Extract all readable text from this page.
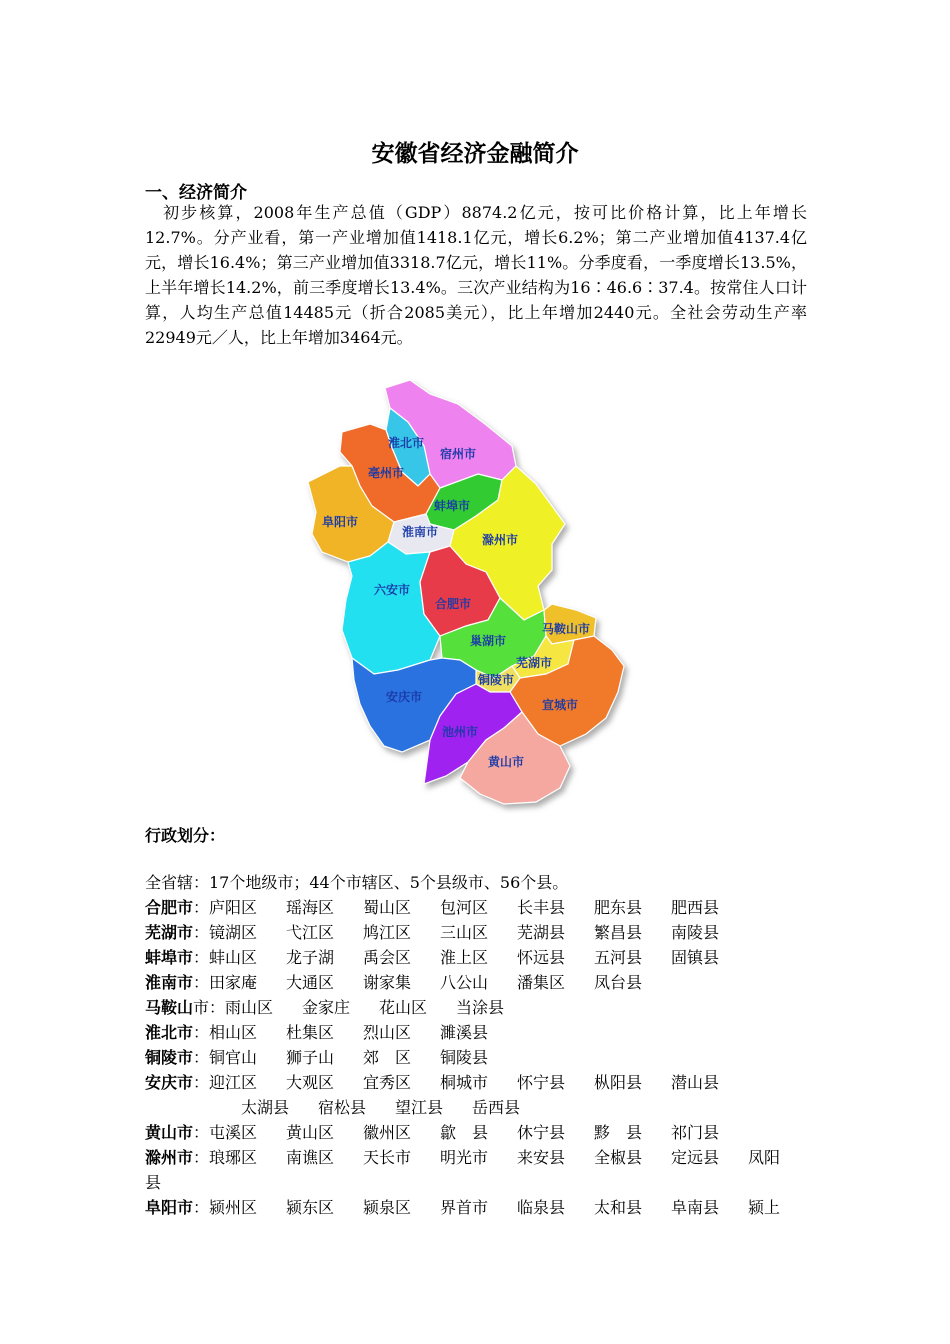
安徽省经济金融简介
一、经济简介
　初步核算，2008年生产总值（GDP）8874.2亿元，按可比价格计算，比上年增长12.7%。分产业看，第一产业增加值1418.1亿元，增长6.2%；第二产业增加值4137.4亿元，增长16.4%；第三产业增加值3318.7亿元，增长11%。分季度看，一季度增长13.5%，上半年增长14.2%，前三季度增长13.4%。三次产业结构为16∶46.6∶37.4。按常住人口计算，人均生产总值14485元（折合2085美元），比上年增加2440元。全社会劳动生产率22949元／人，比上年增加3464元。
淮北市
宿州市
亳州市
蚌埠市
阜阳市
淮南市
滁州市
六安市
合肥市
巢湖市
马鞍山市
芜湖市
铜陵市
宣城市
安庆市
池州市
黄山市
行政划分：
全省辖：17个地级市；44个市辖区、5个县级市、56个县。
合肥市：庐阳区 瑶海区 蜀山区 包河区 长丰县 肥东县 肥西县
芜湖市：镜湖区 弋江区 鸠江区 三山区 芜湖县 繁昌县 南陵县
蚌埠市：蚌山区 龙子湖 禹会区 淮上区 怀远县 五河县 固镇县
淮南市：田家庵 大通区 谢家集 八公山 潘集区 凤台县
马鞍山市：雨山区 金家庄 花山区 当涂县
淮北市：相山区 杜集区 烈山区 濉溪县
铜陵市：铜官山 狮子山 郊　区 铜陵县
安庆市：迎江区 大观区 宜秀区 桐城市 怀宁县 枞阳县 潜山县
太湖县 宿松县 望江县 岳西县
黄山市：屯溪区 黄山区 徽州区 歙　县 休宁县 黟　县 祁门县
滁州市：琅琊区 南谯区 天长市 明光市 来安县 全椒县 定远县 凤阳
县
阜阳市：颍州区 颍东区 颍泉区 界首市 临泉县 太和县 阜南县 颍上
